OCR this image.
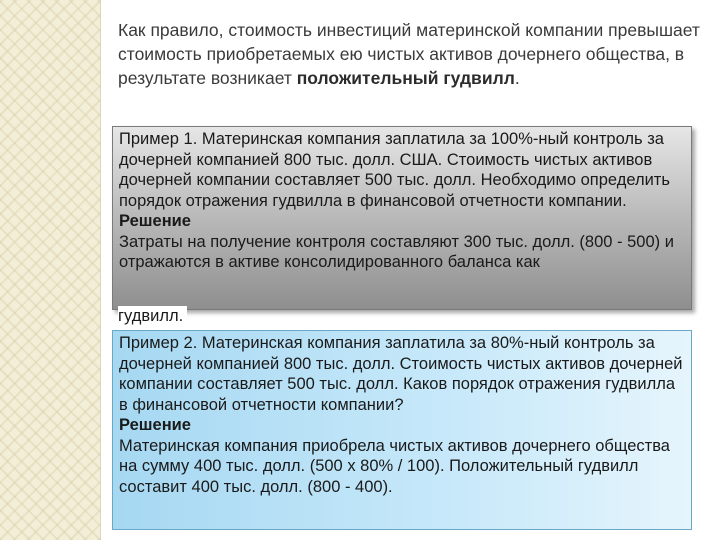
Как правило, стоимость инвестиций материнской компании превышает стоимость приобретаемых ею чистых активов дочернего общества, в результате возникает положительный гудвилл.

Пример 1. Материнская компания заплатила за 100%-ный контроль за дочерней компанией 800 тыс. долл. США. Стоимость чистых активов дочерней компании составляет 500 тыс. долл. Необходимо определить порядок отражения гудвилла в финансовой отчетности компании.

Решение

Затраты на получение контроля составляют 300 тыс. долл. (800 - 500) и отражаются в активе консолидированного баланса как

гудвилл.

Пример 2. Материнская компания заплатила за 80%-ный контроль за дочерней компанией 800 тыс. долл. Стоимость чистых активов дочерней компании составляет 500 тыс. долл. Каков порядок отражения гудвилла в финансовой отчетности компании?

Решение

Материнская компания приобрела чистых активов дочернего общества на сумму 400 тыс. долл. (500 х 80% / 100). Положительный гудвилл составит 400 тыс. долл. (800 - 400).
